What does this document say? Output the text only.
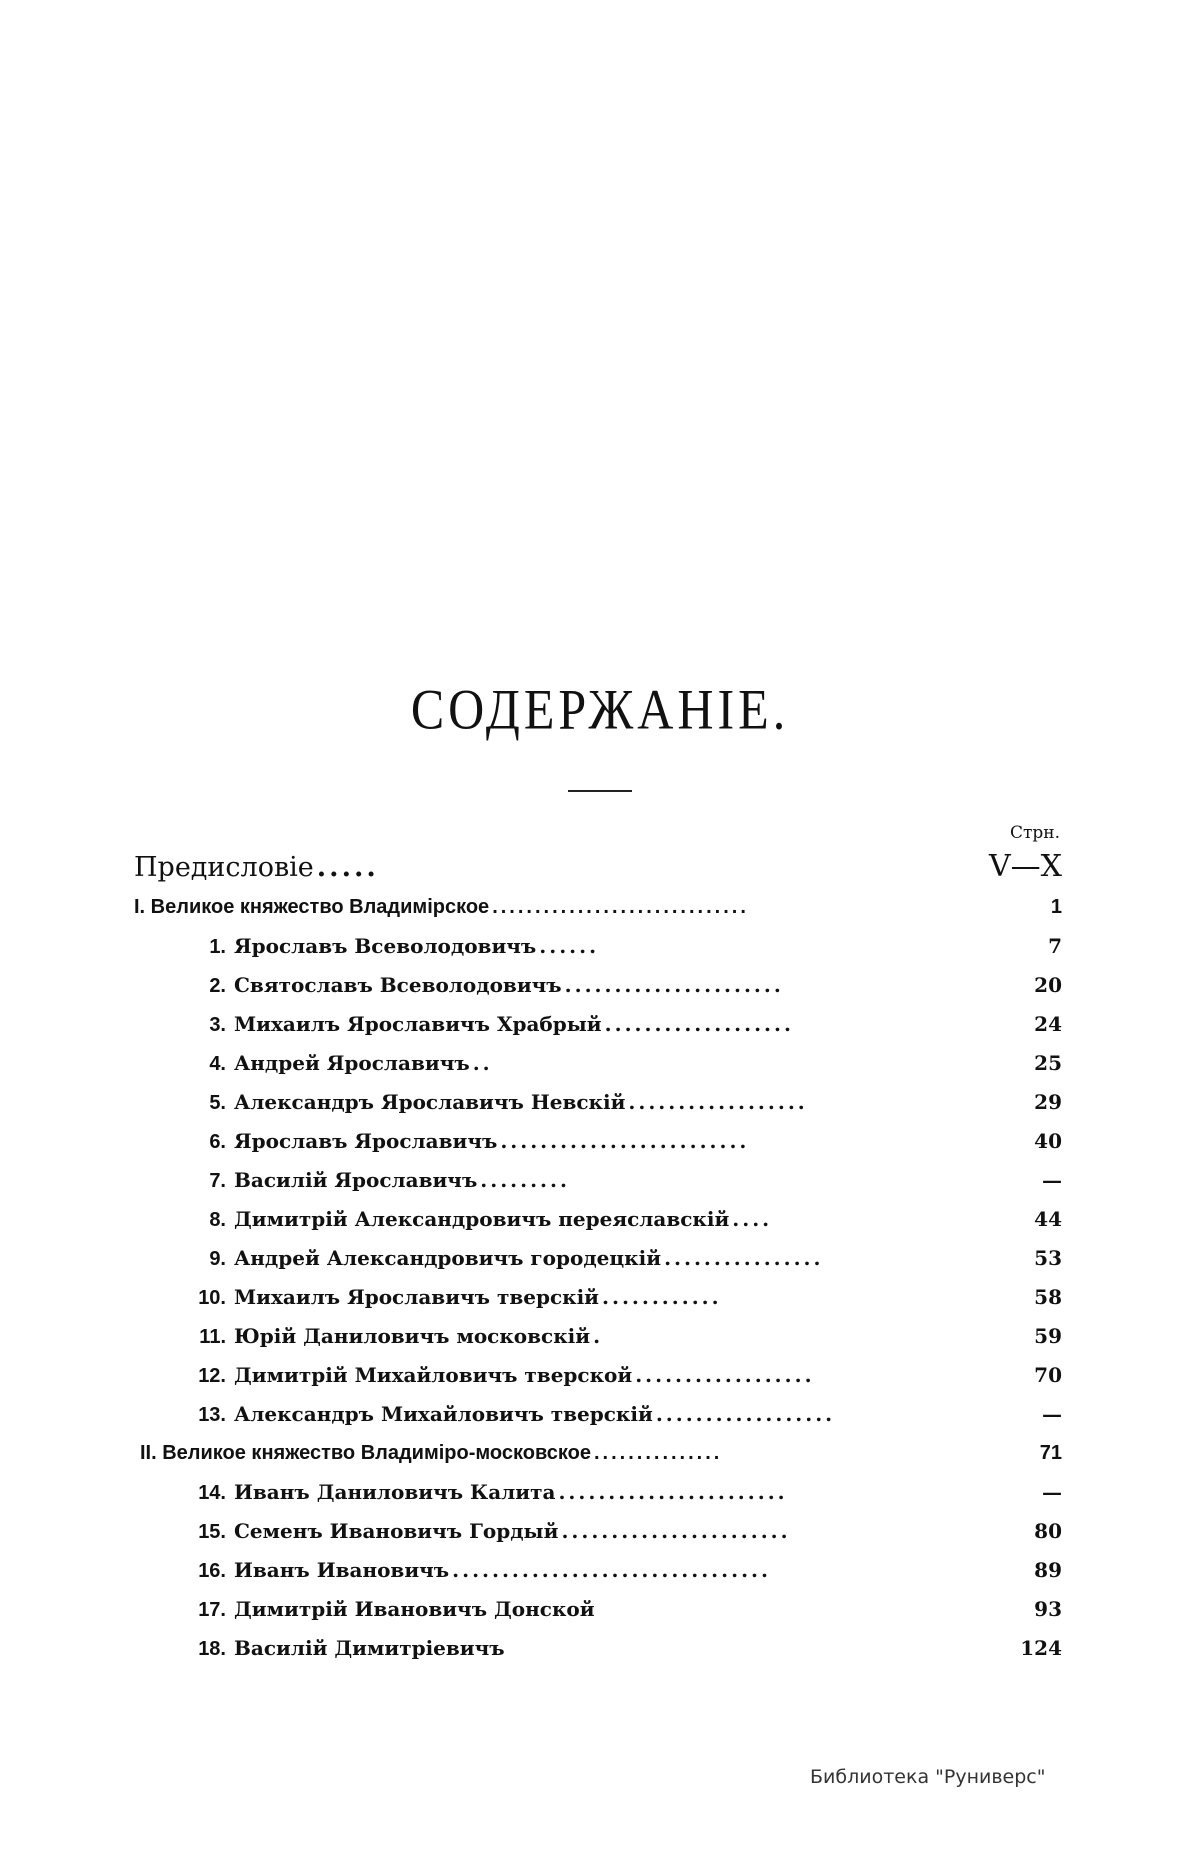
СОДЕРЖАНІЕ.
Стрн.
Предисловіе .....	V—X
I. Великое княжество Владимірское ..............................	1
1. Ярославъ Всеволодовичъ ......	7
2. Святославъ Всеволодовичъ ......................	20
3. Михаилъ Ярославичъ Храбрый ...................	24
4. Андрей Ярославичъ ..	25
5. Александръ Ярославичъ Невскій ..................	29
6. Ярославъ Ярославичъ .........................	40
7. Василій Ярославичъ .........	—
8. Димитрій Александровичъ переяславскій ....	44
9. Андрей Александровичъ городецкій ................	53
10. Михаилъ Ярославичъ тверскій ............	58
11. Юрій Даниловичъ московскій .	59
12. Димитрій Михайловичъ тверской ..................	70
13. Александръ Михайловичъ тверскій ..................	—
II. Великое княжество Владиміро-московское ...............	71
14. Иванъ Даниловичъ Калита .......................	—
15. Семенъ Ивановичъ Гордый .......................	80
16. Иванъ Ивановичъ ................................	89
17. Димитрій Ивановичъ Донской	93
18. Василій Димитріевичъ	124
Библиотека "Руниверс"
